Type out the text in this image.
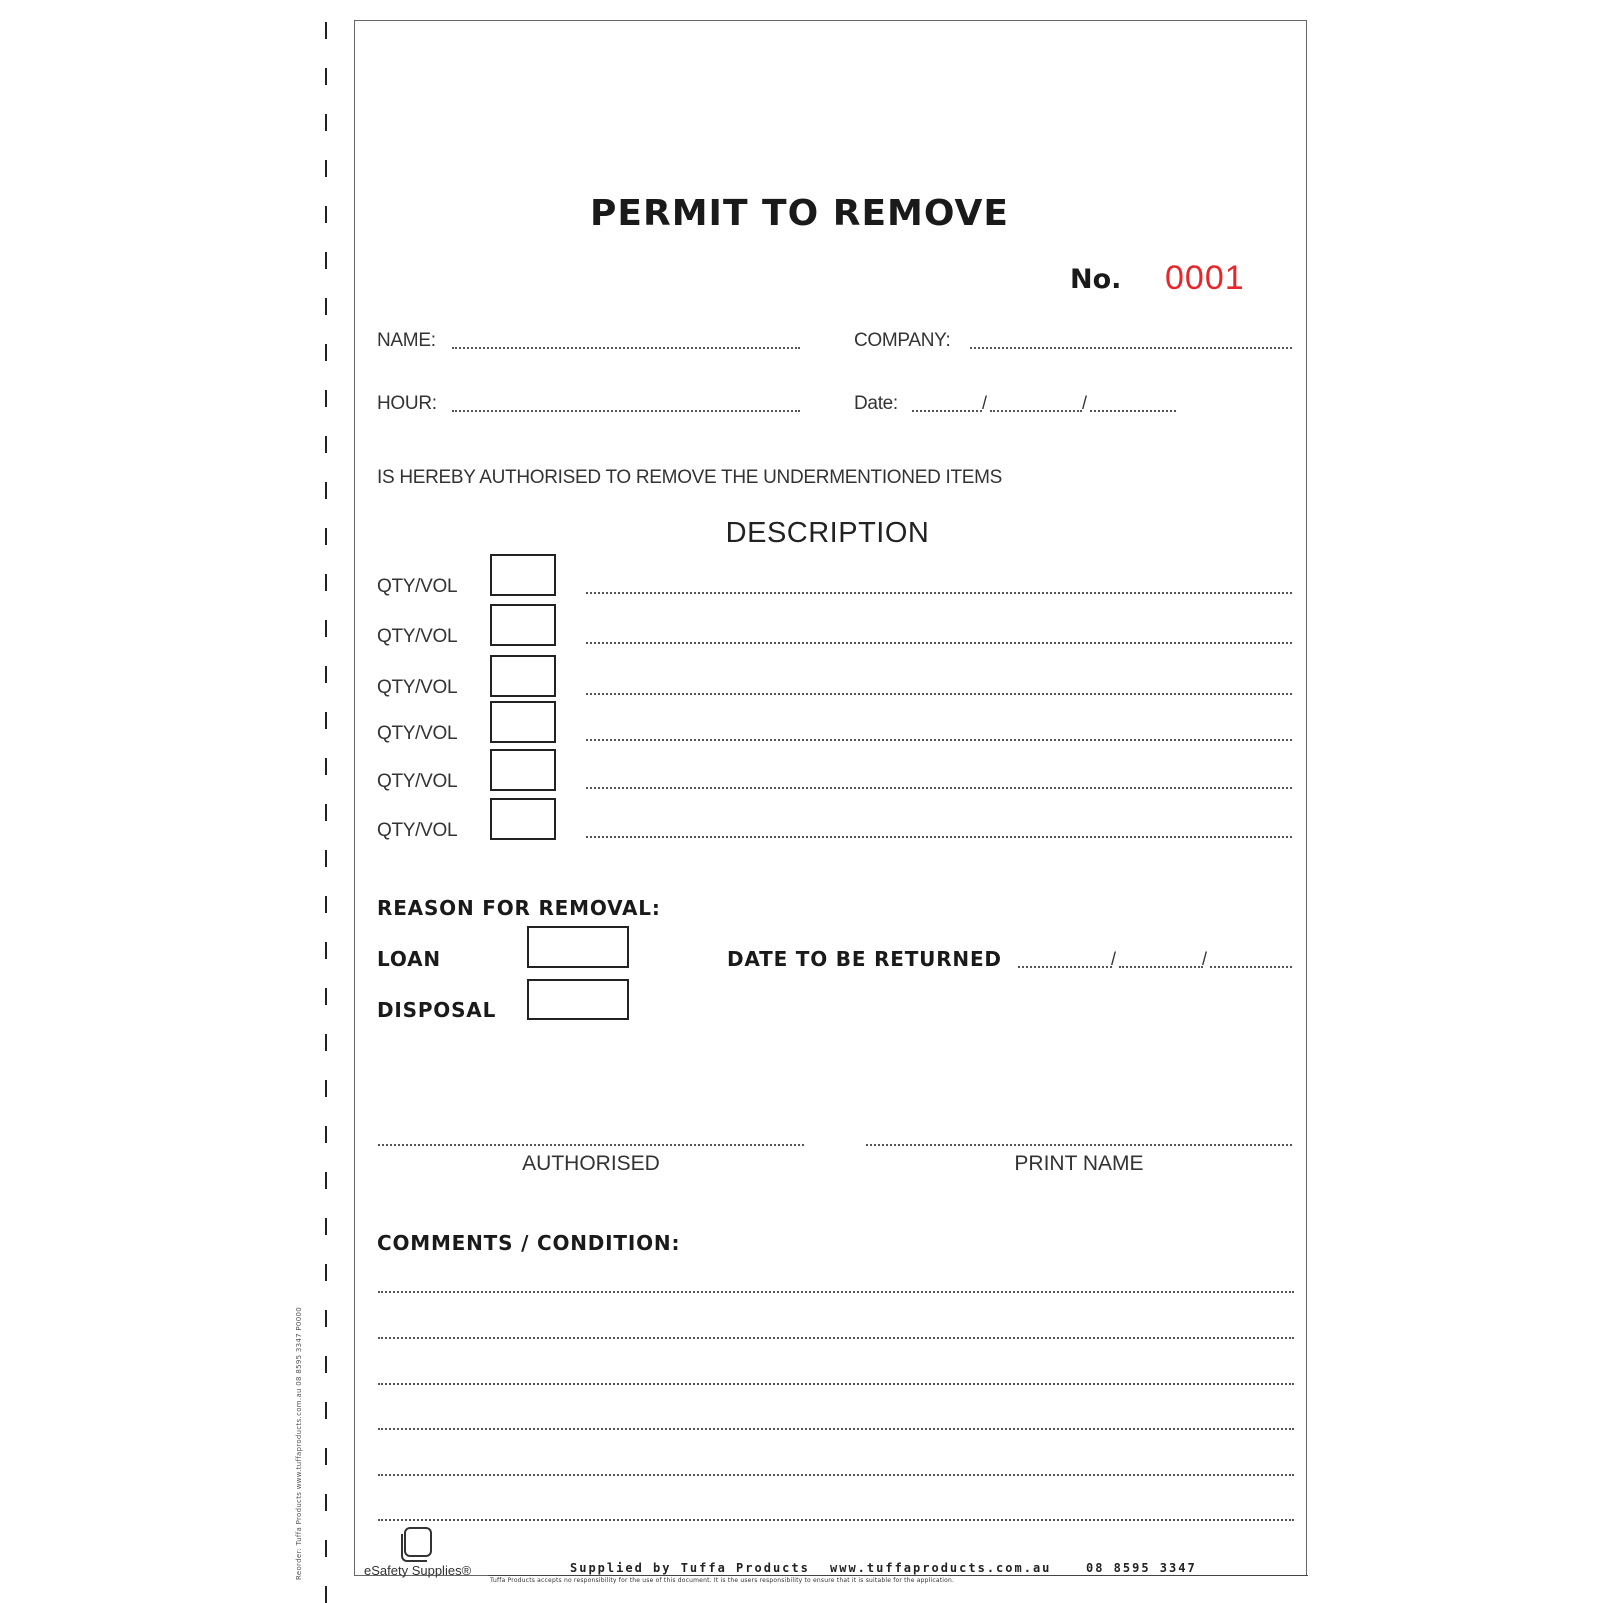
Reorder: Tuffa Products www.tuffaproducts.com.au 08 8595 3347 P0000
PERMIT TO REMOVE
No. 0001
NAME:	COMPANY:
HOUR:	Date:	/	/
IS HEREBY AUTHORISED TO REMOVE THE UNDERMENTIONED ITEMS
DESCRIPTION
QTY/VOL
QTY/VOL
QTY/VOL
QTY/VOL
QTY/VOL
QTY/VOL
REASON FOR REMOVAL:
LOAN
DISPOSAL
DATE TO BE RETURNED	/	/
AUTHORISED	PRINT NAME
COMMENTS / CONDITION:
eSafety Supplies®	Supplied by Tuffa Products www.tuffaproducts.com.au	08 8595 3347
Tuffa Products accepts no responsibility for the use of this document. It is the users responsibility to ensure that it is suitable for the application.
